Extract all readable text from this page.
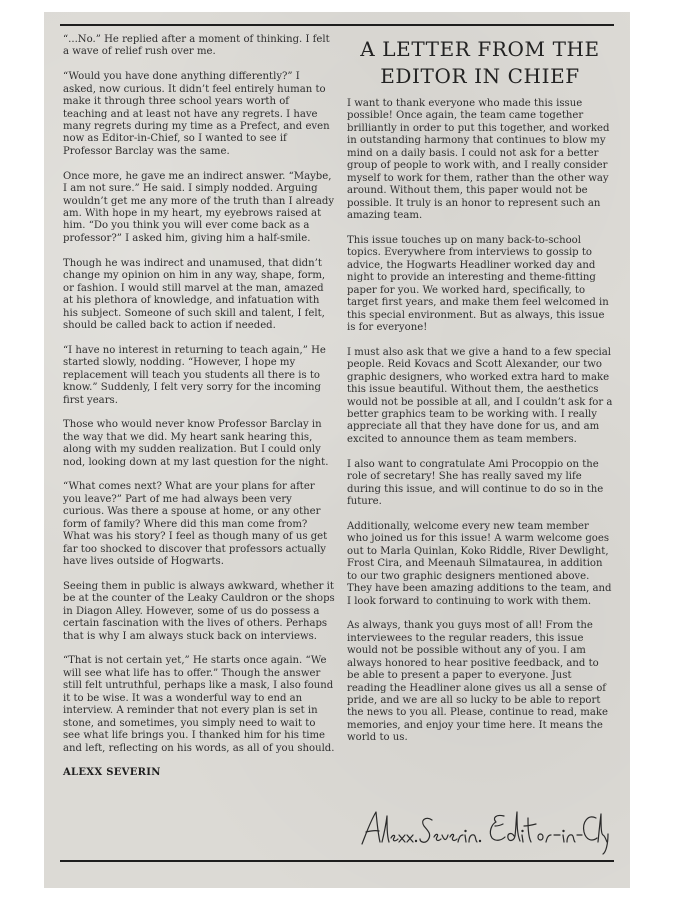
“...No.” He replied after a moment of thinking. I felt a wave of relief rush over me.

“Would you have done anything differently?” I asked, now curious. It didn’t feel entirely human to make it through three school years worth of teaching and at least not have any regrets. I have many regrets during my time as a Prefect, and even now as Editor-in-Chief, so I wanted to see if Professor Barclay was the same.

Once more, he gave me an indirect answer. “Maybe, I am not sure.” He said. I simply nodded. Arguing wouldn’t get me any more of the truth than I already am. With hope in my heart, my eyebrows raised at him. “Do you think you will ever come back as a professor?” I asked him, giving him a half-smile.

Though he was indirect and unamused, that didn’t change my opinion on him in any way, shape, form, or fashion. I would still marvel at the man, amazed at his plethora of knowledge, and infatuation with his subject. Someone of such skill and talent, I felt, should be called back to action if needed.

“I have no interest in returning to teach again,” He started slowly, nodding. “However, I hope my replacement will teach you students all there is to know.” Suddenly, I felt very sorry for the incoming first years.

Those who would never know Professor Barclay in the way that we did. My heart sank hearing this, along with my sudden realization. But I could only nod, looking down at my last question for the night.

“What comes next? What are your plans for after you leave?” Part of me had always been very curious. Was there a spouse at home, or any other form of family? Where did this man come from? What was his story? I feel as though many of us get far too shocked to discover that professors actually have lives outside of Hogwarts.

Seeing them in public is always awkward, whether it be at the counter of the Leaky Cauldron or the shops in Diagon Alley. However, some of us do possess a certain fascination with the lives of others. Perhaps that is why I am always stuck back on interviews.

“That is not certain yet,” He starts once again. “We will see what life has to offer.” Though the answer still felt untruthful, perhaps like a mask, I also found it to be wise. It was a wonderful way to end an interview. A reminder that not every plan is set in stone, and sometimes, you simply need to wait to see what life brings you. I thanked him for his time and left, reflecting on his words, as all of you should.

ALEXX SEVERIN
A LETTER FROM THE EDITOR IN CHIEF

I want to thank everyone who made this issue possible! Once again, the team came together brilliantly in order to put this together, and worked in outstanding harmony that continues to blow my mind on a daily basis. I could not ask for a better group of people to work with, and I really consider myself to work for them, rather than the other way around. Without them, this paper would not be possible. It truly is an honor to represent such an amazing team.

This issue touches up on many back-to-school topics. Everywhere from interviews to gossip to advice, the Hogwarts Headliner worked day and night to provide an interesting and theme-fitting paper for you. We worked hard, specifically, to target first years, and make them feel welcomed in this special environment. But as always, this issue is for everyone!

I must also ask that we give a hand to a few special people. Reid Kovacs and Scott Alexander, our two graphic designers, who worked extra hard to make this issue beautiful. Without them, the aesthetics would not be possible at all, and I couldn’t ask for a better graphics team to be working with. I really appreciate all that they have done for us, and am excited to announce them as team members.

I also want to congratulate Ami Procoppio on the role of secretary! She has really saved my life during this issue, and will continue to do so in the future.

Additionally, welcome every new team member who joined us for this issue! A warm welcome goes out to Marla Quinlan, Koko Riddle, River Dewlight, Frost Cira, and Meenauh Silmataurea, in addition to our two graphic designers mentioned above. They have been amazing additions to the team, and I look forward to continuing to work with them.

As always, thank you guys most of all! From the interviewees to the regular readers, this issue would not be possible without any of you. I am always honored to hear positive feedback, and to be able to present a paper to everyone. Just reading the Headliner alone gives us all a sense of pride, and we are all so lucky to be able to report the news to you all. Please, continue to read, make memories, and enjoy your time here. It means the world to us.
